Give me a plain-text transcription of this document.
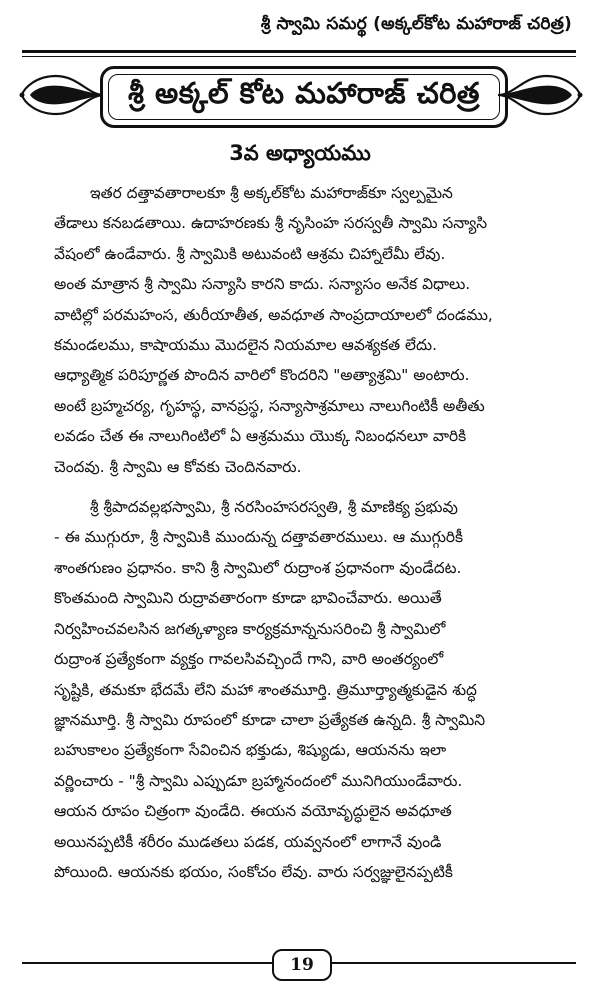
శ్రీ స్వామి సమర్థ (అక్కల్‌కోట మహారాజ్ చరిత్ర)
శ్రీ అక్కల్ కోట మహారాజ్ చరిత్ర
3వ అధ్యాయము
ఇతర దత్తావతారాలకూ శ్రీ అక్కల్‌కోట మహారాజ్‌కూ స్వల్పమైన
తేడాలు కనబడతాయి. ఉదాహరణకు శ్రీ నృసింహ సరస్వతీ స్వామి సన్యాసి
వేషంలో ఉండేవారు. శ్రీ స్వామికి అటువంటి ఆశ్రమ చిహ్నాలేమీ లేవు.
అంత మాత్రాన శ్రీ స్వామి సన్యాసి కారని కాదు. సన్యాసం అనేక విధాలు.
వాటిల్లో పరమహంస, తురీయాతీత, అవధూత సాంప్రదాయాలలో దండము,
కమండలము, కాషాయము మొదలైన నియమాల ఆవశ్యకత లేదు.
ఆధ్యాత్మిక పరిపూర్ణత పొందిన వారిలో కొందరిని "అత్యాశ్రమి" అంటారు.
అంటే బ్రహ్మచర్య, గృహస్థ, వానప్రస్థ, సన్యాసాశ్రమాలు నాలుగింటికీ అతీతు
లవడం చేత ఈ నాలుగింటిలో ఏ ఆశ్రమము యొక్క నిబంధనలూ వారికి
చెందవు. శ్రీ స్వామి ఆ కోవకు చెందినవారు.
శ్రీ శ్రీపాదవల్లభస్వామి, శ్రీ నరసింహసరస్వతి, శ్రీ మాణిక్య ప్రభువు
- ఈ ముగ్గురూ, శ్రీ స్వామికి ముందున్న దత్తావతారములు. ఆ ముగ్గురికీ
శాంతగుణం ప్రధానం. కాని శ్రీ స్వామిలో రుద్రాంశ ప్రధానంగా వుండేదట.
కొంతమంది స్వామిని రుద్రావతారంగా కూడా భావించేవారు. అయితే
నిర్వహించవలసిన జగత్కళ్యాణ కార్యక్రమాన్ననుసరించి శ్రీ స్వామిలో
రుద్రాంశ ప్రత్యేకంగా వ్యక్తం గావలసివచ్చిందే గాని, వారి అంతర్యంలో
సృష్టికి, తమకూ భేదమే లేని మహా శాంతమూర్తి. త్రిమూర్త్యాత్మకుడైన శుద్ధ
జ్ఞానమూర్తి. శ్రీ స్వామి రూపంలో కూడా చాలా ప్రత్యేకత ఉన్నది. శ్రీ స్వామిని
బహుకాలం ప్రత్యేకంగా సేవించిన భక్తుడు, శిష్యుడు, ఆయనను ఇలా
వర్ణించారు - "శ్రీ స్వామి ఎప్పుడూ బ్రహ్మానందంలో మునిగియుండేవారు.
ఆయన రూపం చిత్రంగా వుండేది. ఈయన వయోవృద్ధులైన అవధూత
అయినప్పటికీ శరీరం ముడతలు పడక, యవ్వనంలో లాగానే వుండి
పోయింది. ఆయనకు భయం, సంకోచం లేవు. వారు సర్వజ్ఞులైనప్పటికీ
19
